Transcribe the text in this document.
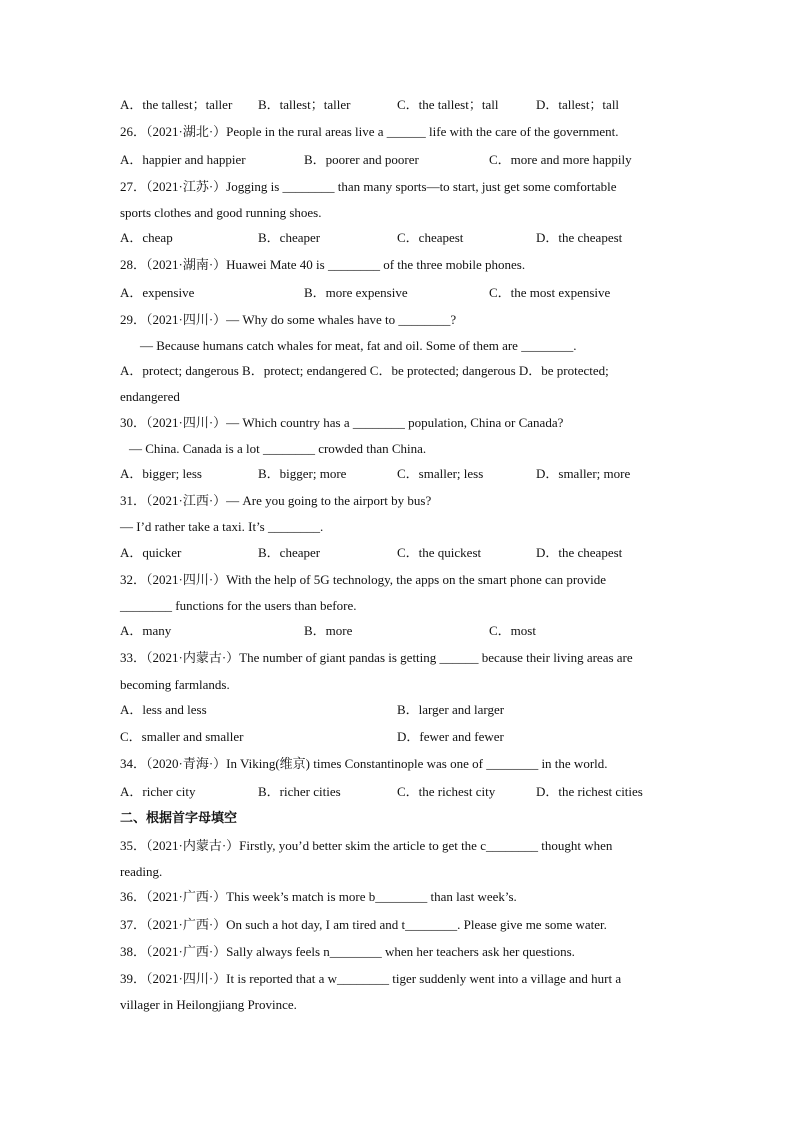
A．the tallest；taller B．tallest；taller	C．the tallest；tall	D．tallest；tall
26．（2021·湖北·）People in the rural areas live a ______ life with the care of the government.
A．happier and happier	B．poorer and poorer	C．more and more happily
27．（2021·江苏·）Jogging is ________ than many sports—to start, just get some comfortable
sports clothes and good running shoes.
A．cheap	B．cheaper	C．cheapest	D．the cheapest
28．（2021·湖南·）Huawei Mate 40 is ________ of the three mobile phones.
A．expensive	B．more expensive	C．the most expensive
29．（2021·四川·）— Why do some whales have to ________?
— Because humans catch whales for meat, fat and oil. Some of them are ________.
A．protect; dangerous B．protect; endangered C．be protected; dangerous D．be protected;
endangered
30．（2021·四川·）— Which country has a ________ population, China or Canada?
— China. Canada is a lot ________ crowded than China.
A．bigger; less	B．bigger; more	C．smaller; less	D．smaller; more
31．（2021·江西·）— Are you going to the airport by bus?
— I’d rather take a taxi. It’s ________.
A．quicker	B．cheaper	C．the quickest	D．the cheapest
32．（2021·四川·）With the help of 5G technology, the apps on the smart phone can provide
________ functions for the users than before.
A．many	B．more	C．most
33．（2021·内蒙古·）The number of giant pandas is getting ______ because their living areas are
becoming farmlands.
A．less and less	B．larger and larger
C．smaller and smaller	D．fewer and fewer
34．（2020·青海·）In Viking(维京) times Constantinople was one of ________ in the world.
A．richer city	B．richer cities	C．the richest city	D．the richest cities
二、根据首字母填空
35．（2021·内蒙古·）Firstly, you’d better skim the article to get the c________ thought when
reading.
36．（2021·广西·）This week’s match is more b________ than last week’s.
37．（2021·广西·）On such a hot day, I am tired and t________. Please give me some water.
38．（2021·广西·）Sally always feels n________ when her teachers ask her questions.
39．（2021·四川·）It is reported that a w________ tiger suddenly went into a village and hurt a
villager in Heilongjiang Province.
